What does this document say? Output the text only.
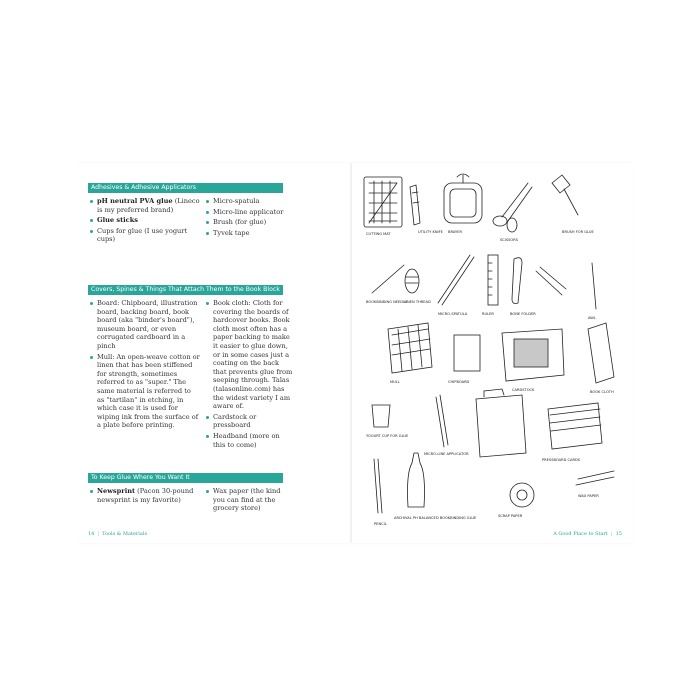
Adhesives & Adhesive Applicators
pH neutral PVA glue (Lineco is my preferred brand)
Glue sticks
Cups for glue (I use yogurt cups)
Micro-spatula
Micro-line applicator
Brush (for glue)
Tyvek tape
Covers, Spines & Things That Attach Them to the Book Block
Board: Chipboard, illustration board, backing board, book board (aka "binder's board"), museum board, or even corrugated cardboard in a pinch
Mull: An open-weave cotton or linen that has been stiffened for strength, sometimes referred to as "super." The same material is referred to as "tartilan" in etching, in which case it is used for wiping ink from the surface of a plate before printing.
Book cloth: Cloth for covering the boards of hardcover books. Book cloth most often has a paper backing to make it easier to glue down, or in some cases just a coating on the back that prevents glue from seeping through. Talas (talasonline.com) has the widest variety I am aware of.
Cardstock or pressboard
Headband (more on this to come)
To Keep Glue Where You Want It
Newsprint (Pacon 30-pound newsprint is my favorite)
Wax paper (the kind you can find at the grocery store)
14 | Tools & Materials
CUTTING MAT	UTILITY KNIFE BRAYER
SCISSORS
BRUSH FOR GLUE
BOOKBINDING NEEDLE
LINEN THREAD
MICRO-SPATULA	RULER	BONE FOLDER
AWL
MULL	CHIPBOARD
CARDSTOCK	BOOK CLOTH
YOGURT CUP FOR GLUE
MICRO-LINE APPLICATOR
PRESSBOARD CARDS
ARCHIVAL PH BALANCED BOOKBINDING GLUE
PENCIL
SCRAP PAPER
WAX PAPER
A Good Place to Start | 15
